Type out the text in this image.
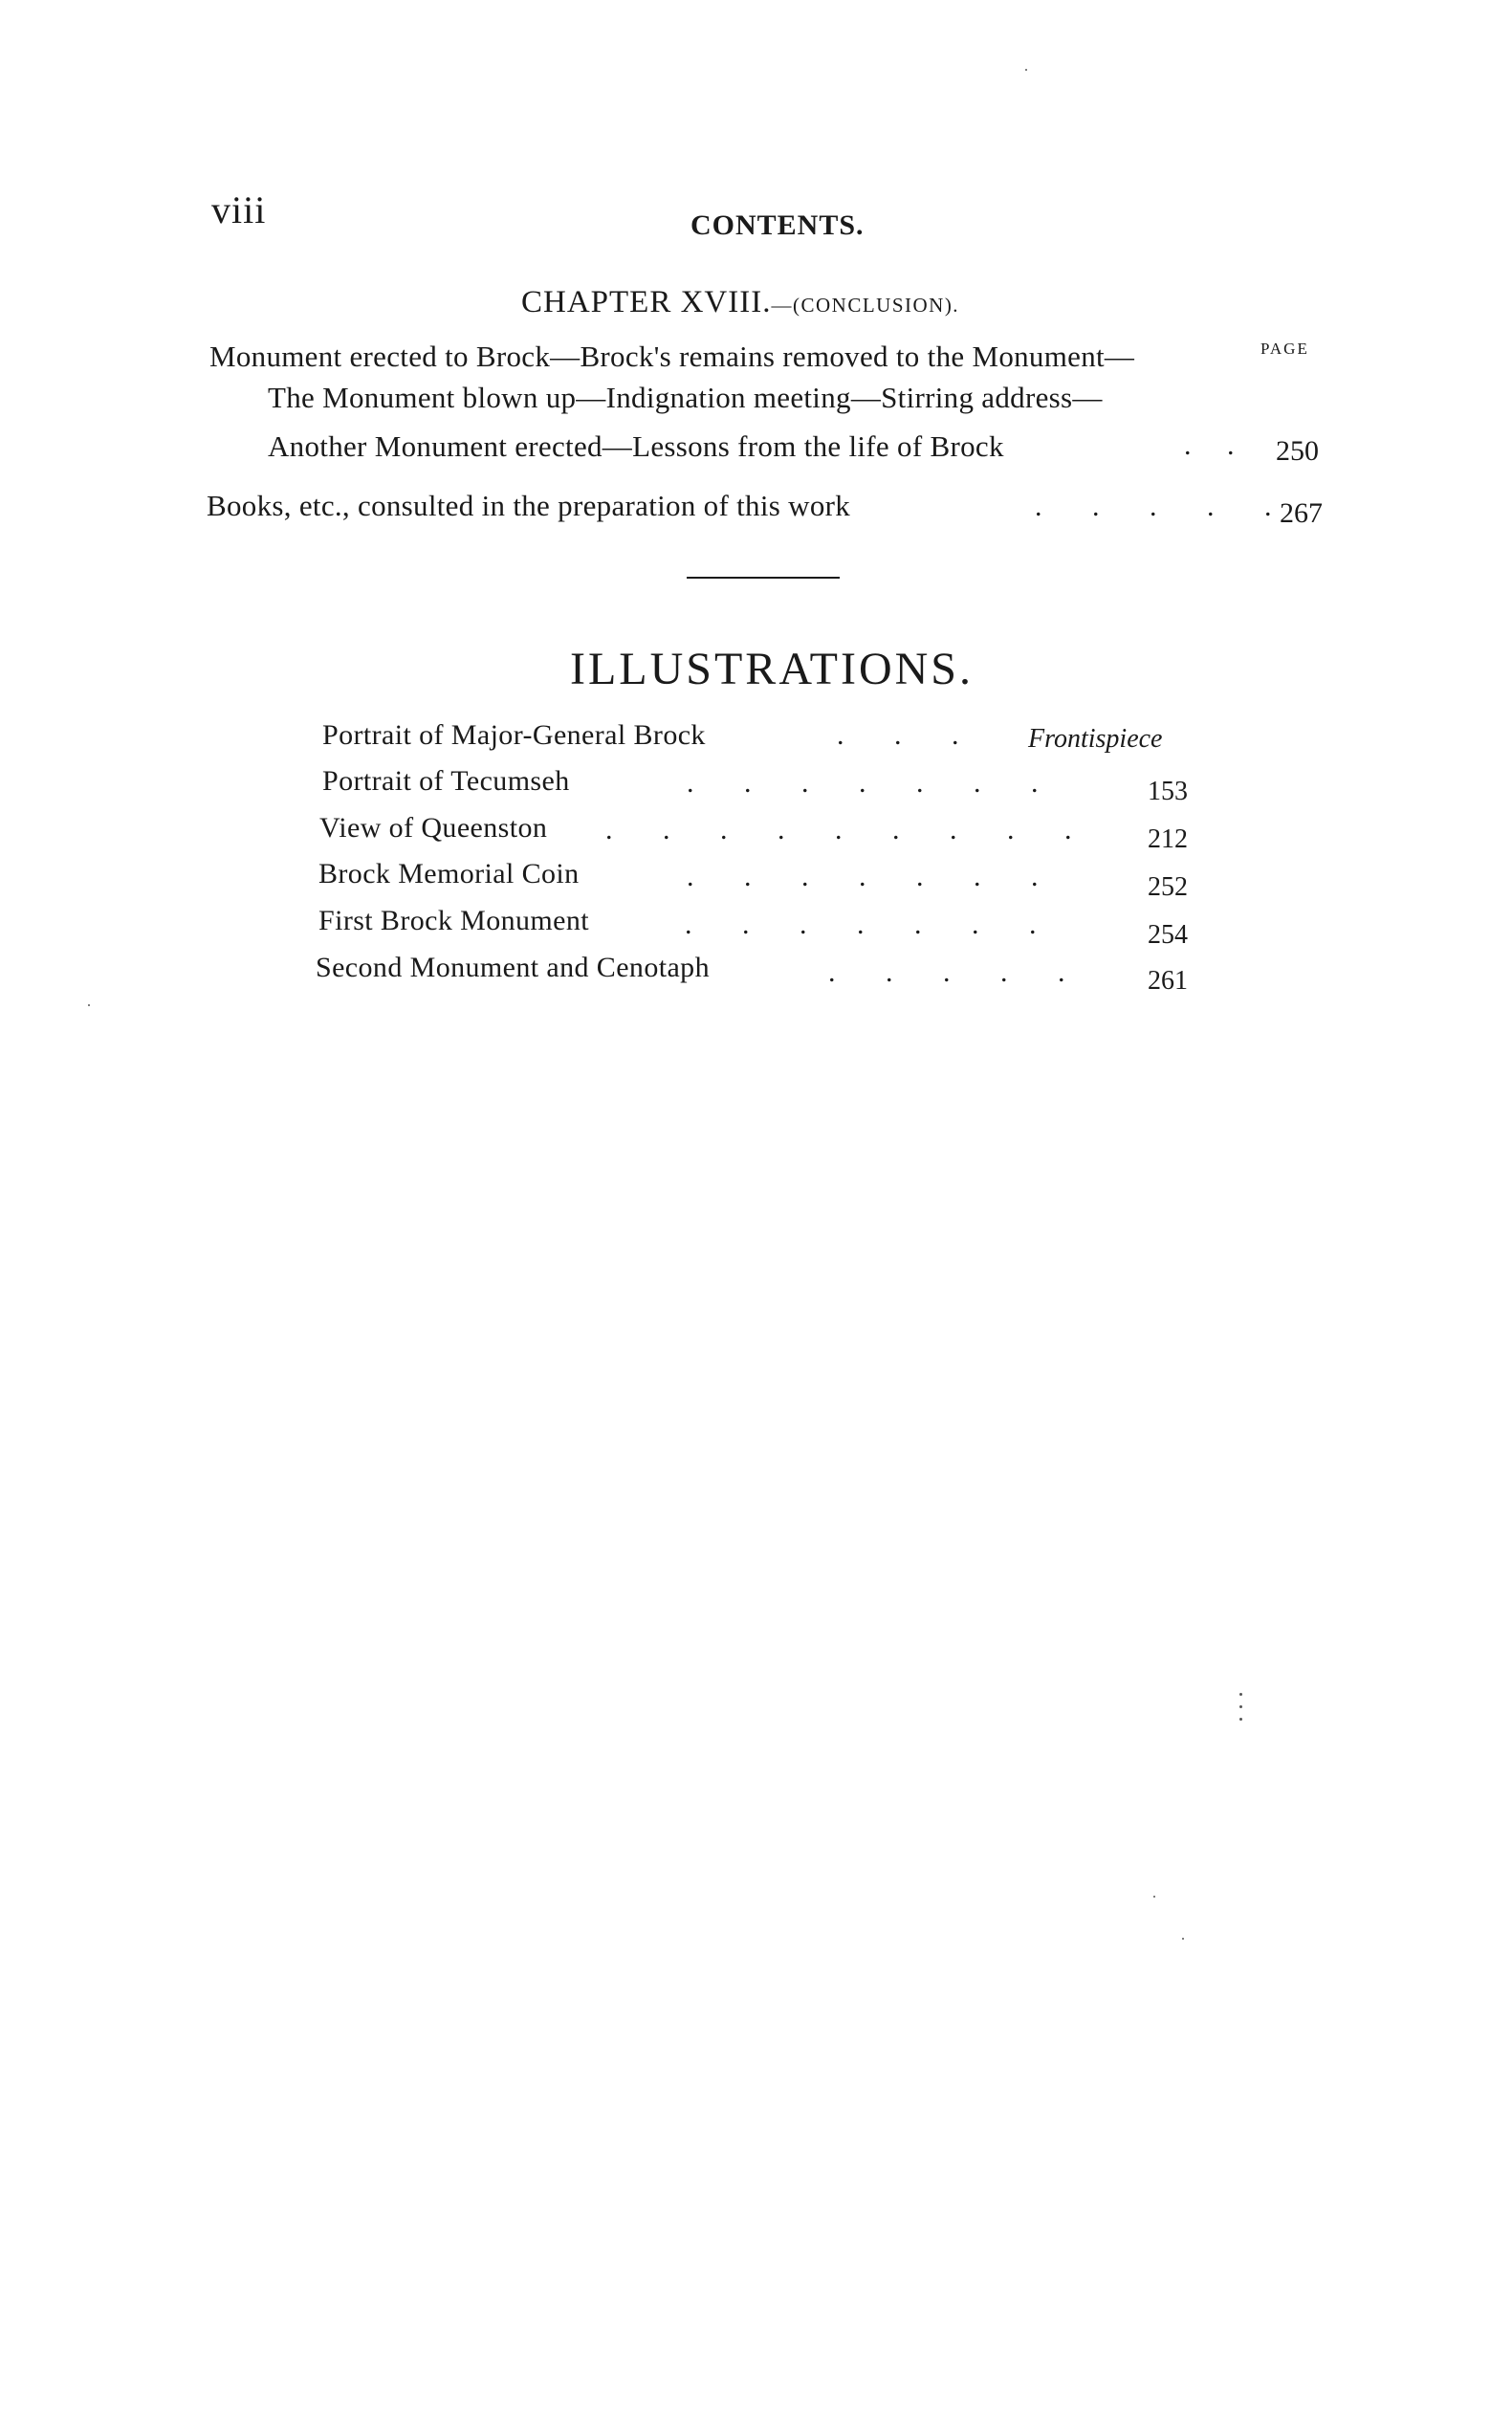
viii	CONTENTS.
CHAPTER XVIII.—(CONCLUSION).
PAGE
Monument erected to Brock—Brock's remains removed to the Monument—
The Monument blown up—Indignation meeting—Stirring address—
Another Monument erected—Lessons from the life of Brock	.     . 250
Books, etc., consulted in the preparation of this work	.       .       .       .       . 267
ILLUSTRATIONS.
Portrait of Major-General Brock	.       .       .	Frontispiece
Portrait of Tecumseh	.       .       .       .       .       .       .	153
View of Queenston .       .       .       .       .       .       .       .       .	212
Brock Memorial Coin	.       .       .       .       .       .       .	252
First Brock Monument	.       .       .       .       .       .       .	254
Second Monument and Cenotaph	.       .       .       .       .	261
